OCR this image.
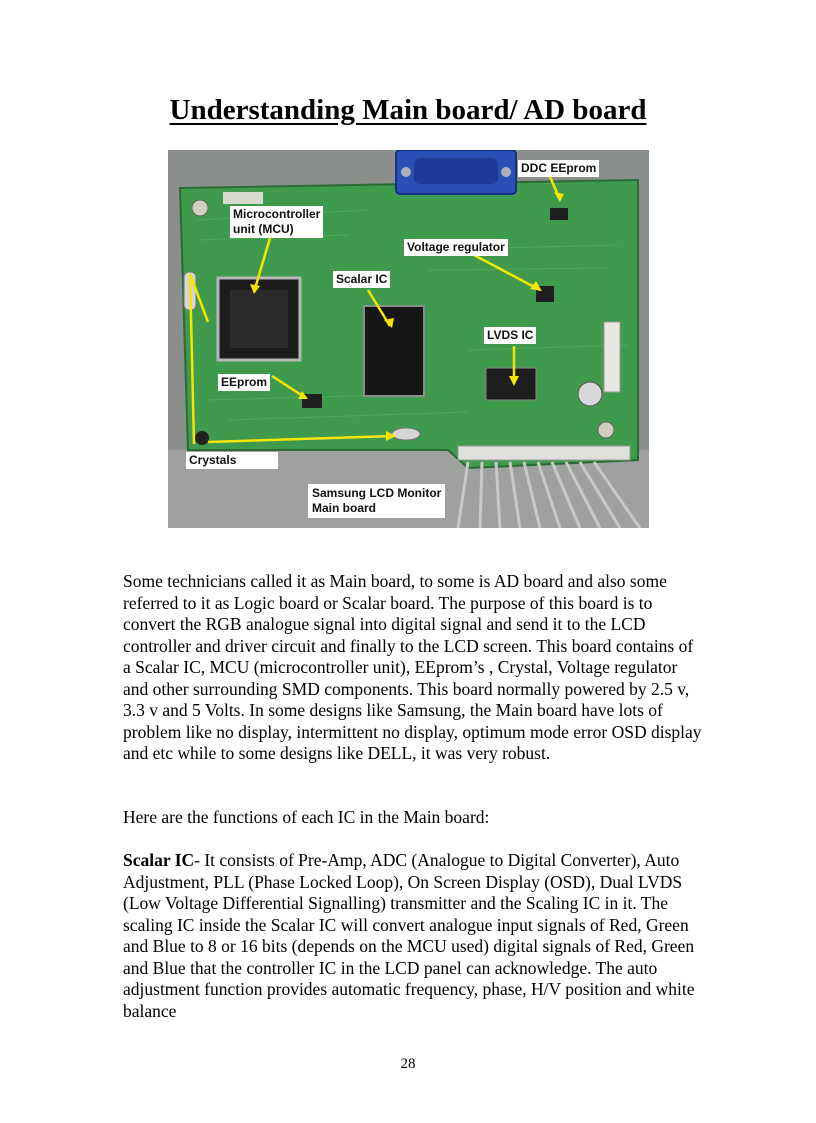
Understanding Main board/ AD board
DDC EEprom
Microcontroller
unit (MCU)
Voltage regulator
Scalar IC
LVDS IC
EEprom
Crystals
Samsung LCD Monitor
Main board

Some technicians called it as Main board, to some is AD board and also some referred to it as Logic board or Scalar board. The purpose of this board is to convert the RGB analogue signal into digital signal and send it to the LCD controller and driver circuit and finally to the LCD screen. This board contains of a Scalar IC, MCU (microcontroller unit), EEprom’s , Crystal, Voltage regulator and other surrounding SMD components. This board normally powered by 2.5 v, 3.3 v and 5 Volts. In some designs like Samsung, the Main board have lots of problem like no display, intermittent no display, optimum mode error OSD display and etc while to some designs like DELL, it was very robust.

Here are the functions of each IC in the Main board:

Scalar IC- It consists of Pre-Amp, ADC (Analogue to Digital Converter), Auto Adjustment, PLL (Phase Locked Loop), On Screen Display (OSD), Dual LVDS (Low Voltage Differential Signalling) transmitter and the Scaling IC in it. The scaling IC inside the Scalar IC will convert analogue input signals of Red, Green and Blue to 8 or 16 bits (depends on the MCU used) digital signals of Red, Green and Blue that the controller IC in the LCD panel can acknowledge. The auto adjustment function provides automatic frequency, phase, H/V position and white balance

28
